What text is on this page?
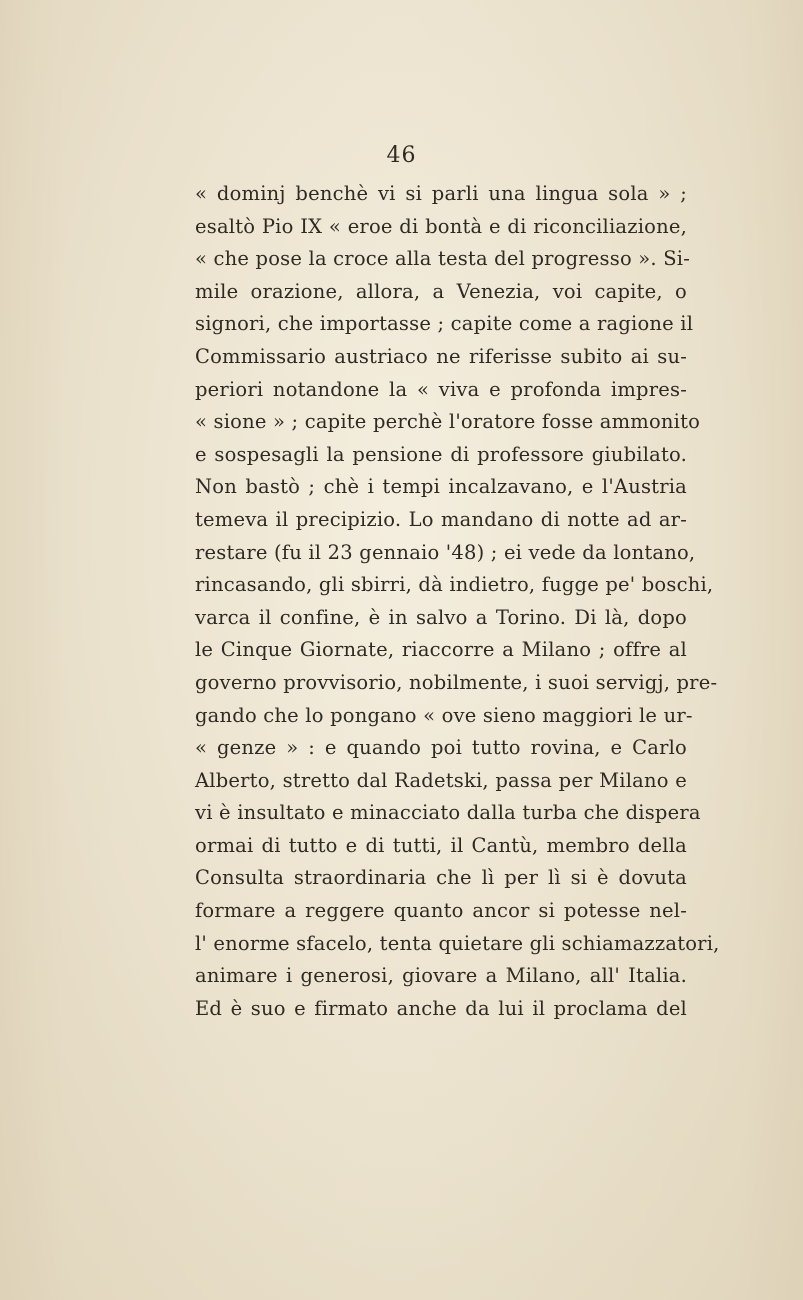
46
« dominj benchè vi si parli una lingua sola » ;
esaltò Pio IX « eroe di bontà e di riconciliazione,
« che pose la croce alla testa del progresso ». Si-
mile orazione, allora, a Venezia, voi capite, o
signori, che importasse ; capite come a ragione il
Commissario austriaco ne riferisse subito ai su-
periori notandone la « viva e profonda impres-
« sione » ; capite perchè l'oratore fosse ammonito
e sospesagli la pensione di professore giubilato.
Non bastò ; chè i tempi incalzavano, e l'Austria
temeva il precipizio. Lo mandano di notte ad ar-
restare (fu il 23 gennaio '48) ; ei vede da lontano,
rincasando, gli sbirri, dà indietro, fugge pe' boschi,
varca il confine, è in salvo a Torino. Di là, dopo
le Cinque Giornate, riaccorre a Milano ; offre al
governo provvisorio, nobilmente, i suoi servigj, pre-
gando che lo pongano « ove sieno maggiori le ur-
« genze » : e quando poi tutto rovina, e Carlo
Alberto, stretto dal Radetski, passa per Milano e
vi è insultato e minacciato dalla turba che dispera
ormai di tutto e di tutti, il Cantù, membro della
Consulta straordinaria che lì per lì si è dovuta
formare a reggere quanto ancor si potesse nel-
l' enorme sfacelo, tenta quietare gli schiamazzatori,
animare i generosi, giovare a Milano, all' Italia.
Ed è suo e firmato anche da lui il proclama del
